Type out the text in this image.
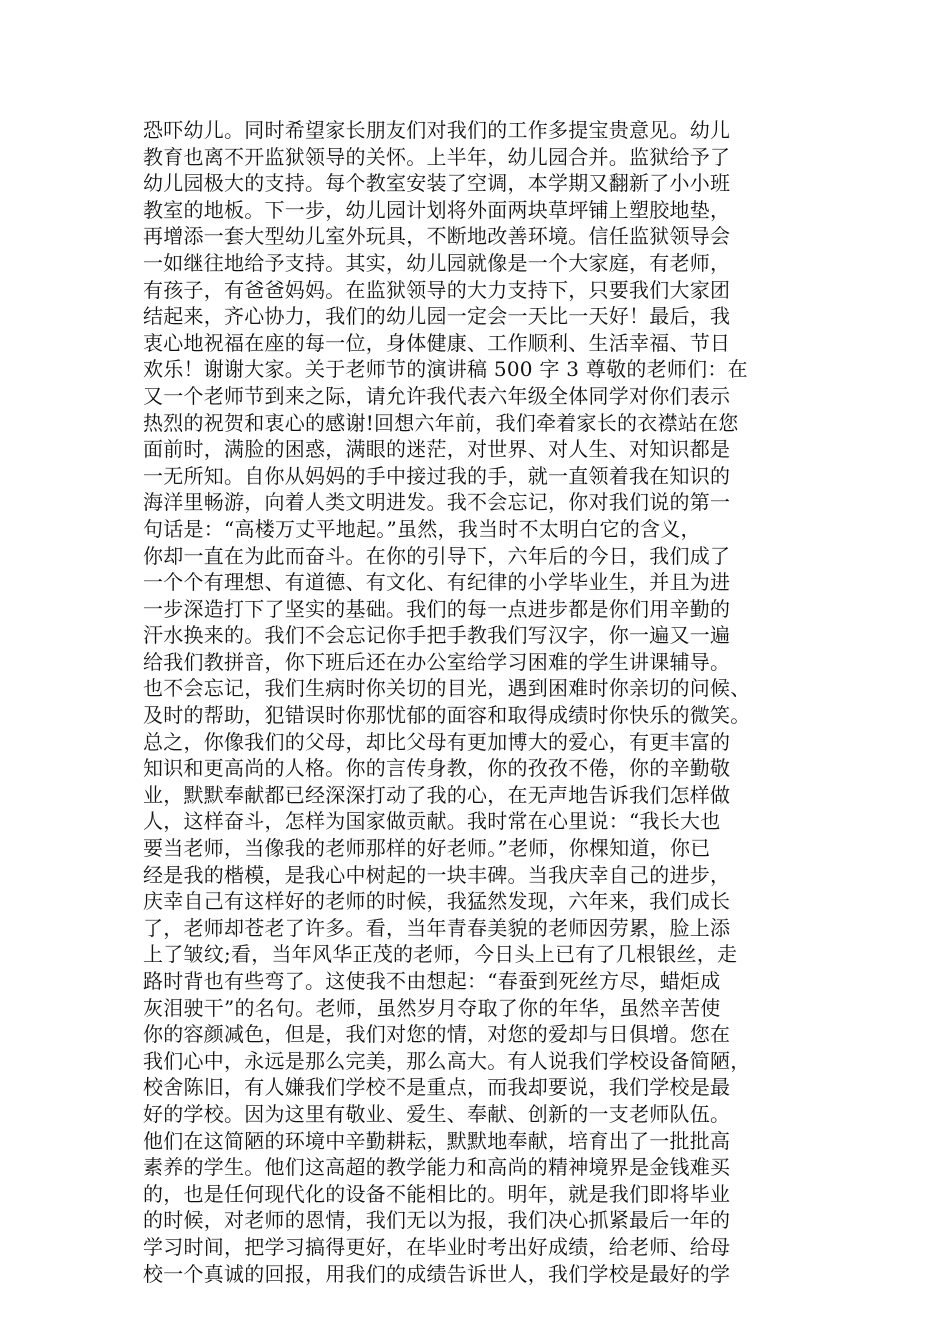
恐吓幼儿。同时希望家长朋友们对我们的工作多提宝贵意见。幼儿
教育也离不开监狱领导的关怀。上半年，幼儿园合并。监狱给予了
幼儿园极大的支持。每个教室安装了空调，本学期又翻新了小小班
教室的地板。下一步，幼儿园计划将外面两块草坪铺上塑胶地垫，
再增添一套大型幼儿室外玩具，不断地改善环境。信任监狱领导会
一如继往地给予支持。其实，幼儿园就像是一个大家庭，有老师，
有孩子，有爸爸妈妈。在监狱领导的大力支持下，只要我们大家团
结起来，齐心协力，我们的幼儿园一定会一天比一天好！最后，我
衷心地祝福在座的每一位，身体健康、工作顺利、生活幸福、节日
欢乐！谢谢大家。关于老师节的演讲稿 500 字 3 尊敬的老师们：在
又一个老师节到来之际，请允许我代表六年级全体同学对你们表示
热烈的祝贺和衷心的感谢!回想六年前，我们牵着家长的衣襟站在您
面前时，满脸的困惑，满眼的迷茫，对世界、对人生、对知识都是
一无所知。自你从妈妈的手中接过我的手，就一直领着我在知识的
海洋里畅游，向着人类文明进发。我不会忘记，你对我们说的第一
句话是：“高楼万丈平地起。”虽然，我当时不太明白它的含义，
你却一直在为此而奋斗。在你的引导下，六年后的今日，我们成了
一个个有理想、有道德、有文化、有纪律的小学毕业生，并且为进
一步深造打下了坚实的基础。我们的每一点进步都是你们用辛勤的
汗水换来的。我们不会忘记你手把手教我们写汉字，你一遍又一遍
给我们教拼音，你下班后还在办公室给学习困难的学生讲课辅导。
也不会忘记，我们生病时你关切的目光，遇到困难时你亲切的问候、
及时的帮助，犯错误时你那忧郁的面容和取得成绩时你快乐的微笑。
总之，你像我们的父母，却比父母有更加博大的爱心，有更丰富的
知识和更高尚的人格。你的言传身教，你的孜孜不倦，你的辛勤敬
业，默默奉献都已经深深打动了我的心，在无声地告诉我们怎样做
人，这样奋斗，怎样为国家做贡献。我时常在心里说：“我长大也
要当老师，当像我的老师那样的好老师。”老师，你棵知道，你已
经是我的楷模，是我心中树起的一块丰碑。当我庆幸自己的进步，
庆幸自己有这样好的老师的时候，我猛然发现，六年来，我们成长
了，老师却苍老了许多。看，当年青春美貌的老师因劳累，脸上添
上了皱纹;看，当年风华正茂的老师，今日头上已有了几根银丝，走
路时背也有些弯了。这使我不由想起：“春蚕到死丝方尽，蜡炬成
灰泪驶干”的名句。老师，虽然岁月夺取了你的年华，虽然辛苦使
你的容颜减色，但是，我们对您的情，对您的爱却与日俱增。您在
我们心中，永远是那么完美，那么高大。有人说我们学校设备简陋，
校舍陈旧，有人嫌我们学校不是重点，而我却要说，我们学校是最
好的学校。因为这里有敬业、爱生、奉献、创新的一支老师队伍。
他们在这简陋的环境中辛勤耕耘，默默地奉献，培育出了一批批高
素养的学生。他们这高超的教学能力和高尚的精神境界是金钱难买
的，也是任何现代化的设备不能相比的。明年，就是我们即将毕业
的时候，对老师的恩情，我们无以为报，我们决心抓紧最后一年的
学习时间，把学习搞得更好，在毕业时考出好成绩，给老师、给母
校一个真诚的回报，用我们的成绩告诉世人，我们学校是最好的学
